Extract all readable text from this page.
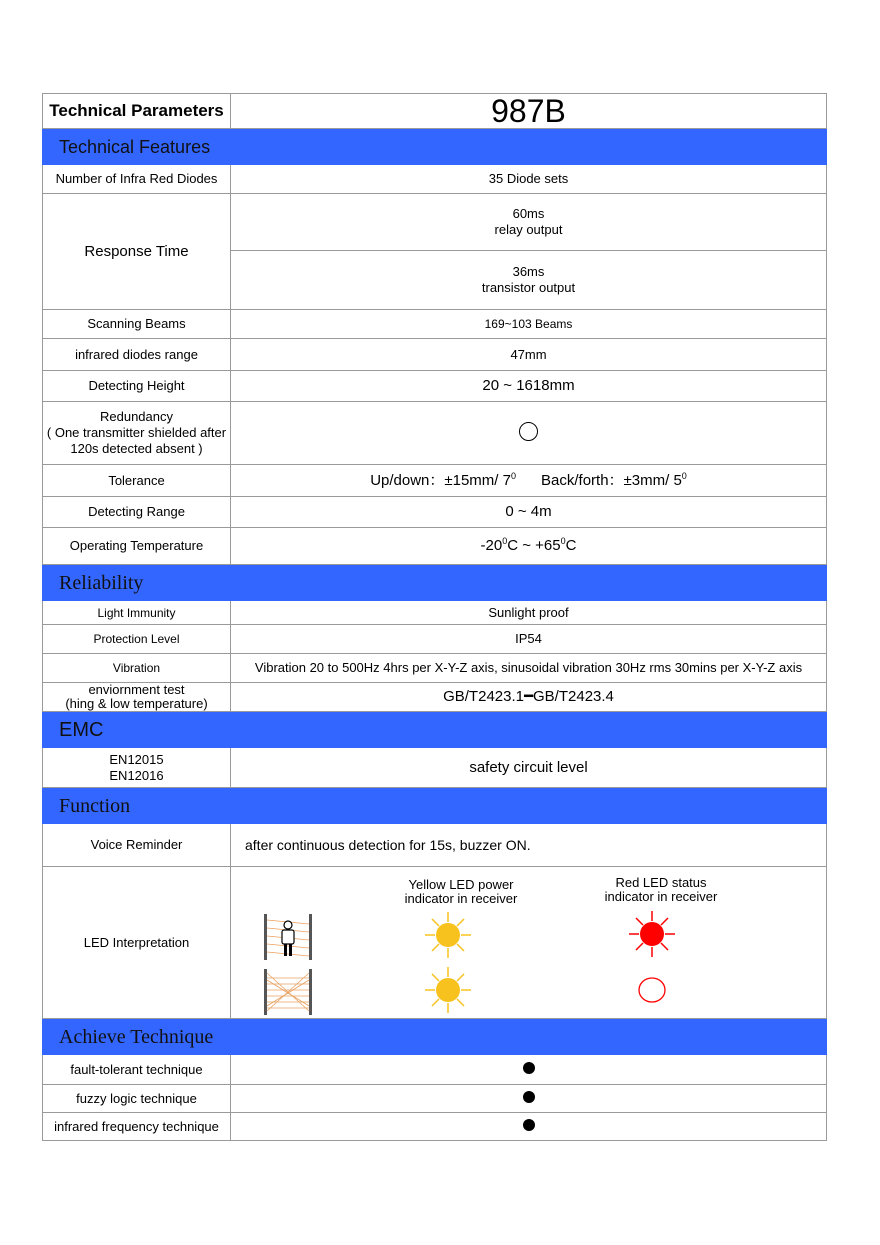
Technical Parameters	987B
Technical Features	
Number of Infra Red Diodes	35 Diode sets
Response Time	60ms
relay output

	36ms
transistor output

Scanning Beams	169~103 Beams
infrared diodes range	47mm
Detecting Height	20 ~ 1618mm

Redundancy
( One transmitter shielded after
120s detected absent )	

Tolerance	Up/down：±15mm/ $7^0$ Back/forth：±3mm/ $5^0$
Detecting Range	0 ~ 4m
Operating Temperature	$-20^0C$ ~ $+65^0C$
Reliability	
Light Immunity	Sunlight proof
Protection Level	IP54
Vibration	Vibration 20 to 500Hz 4hrs per X-Y-Z axis, sinusoidal vibration 30Hz rms 30mins per X-Y-Z axis

enviornment test
(hing & low temperature)	GB/T2423.1━GB/T2423.4
EMC	

EN12015
EN12016	safety circuit level
Function	
Voice Reminder	after continuous detection for 15s, buzzer ON.
LED Interpretation	Yellow LED power
indicator in receiver
Red LED status
indicator in receiver

Achieve Technique	
fault-tolerant technique	
fuzzy logic technique	
infrared frequency technique	
